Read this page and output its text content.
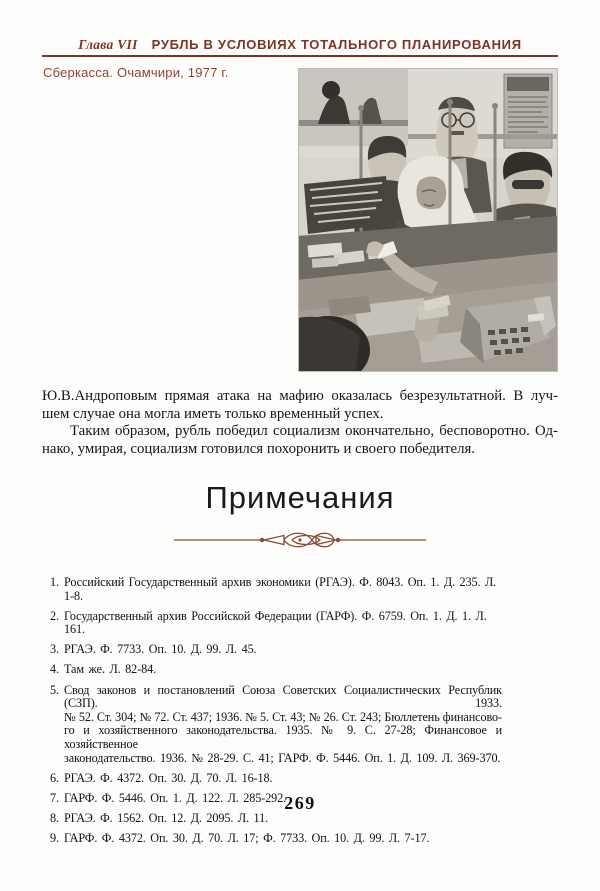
Глава VII РУБЛЬ В УСЛОВИЯХ ТОТАЛЬНОГО ПЛАНИРОВАНИЯ
Сберкасса. Очамчири, 1977 г.
Ю.В.Андроповым прямая атака на мафию оказалась безрезультатной. В луч-
шем случае она могла иметь только временный успех.
Таким образом, рубль победил социализм окончательно, бесповоротно. Од-
нако, умирая, социализм готовился похоронить и своего победителя.
Примечания
1. Российский Государственный архив экономики (РГАЭ). Ф. 8043. Оп. 1. Д. 235. Л. 1-8.
2. Государственный архив Российской Федерации (ГАРФ). Ф. 6759. Оп. 1. Д. 1. Л. 161.
3. РГАЭ. Ф. 7733. Оп. 10. Д. 99. Л. 45.
4. Там же. Л. 82-84.
5. Свод законов и постановлений Союза Советских Социалистических Республик (СЗП). 1933.
№ 52. Ст. 304; № 72. Ст. 437; 1936. № 5. Ст. 43; № 26. Ст. 243; Бюллетень финансово-
го и хозяйственного законодательства. 1935. № 9. С. 27-28; Финансовое и хозяйственное
законодательство. 1936. № 28-29. С. 41; ГАРФ. Ф. 5446. Оп. 1. Д. 109. Л. 369-370.
6. РГАЭ. Ф. 4372. Оп. 30. Д. 70. Л. 16-18.
7. ГАРФ. Ф. 5446. Оп. 1. Д. 122. Л. 285-292.
8. РГАЭ. Ф. 1562. Оп. 12. Д. 2095. Л. 11.
9. ГАРФ. Ф. 4372. Оп. 30. Д. 70. Л. 17; Ф. 7733. Оп. 10. Д. 99. Л. 7-17.
269
